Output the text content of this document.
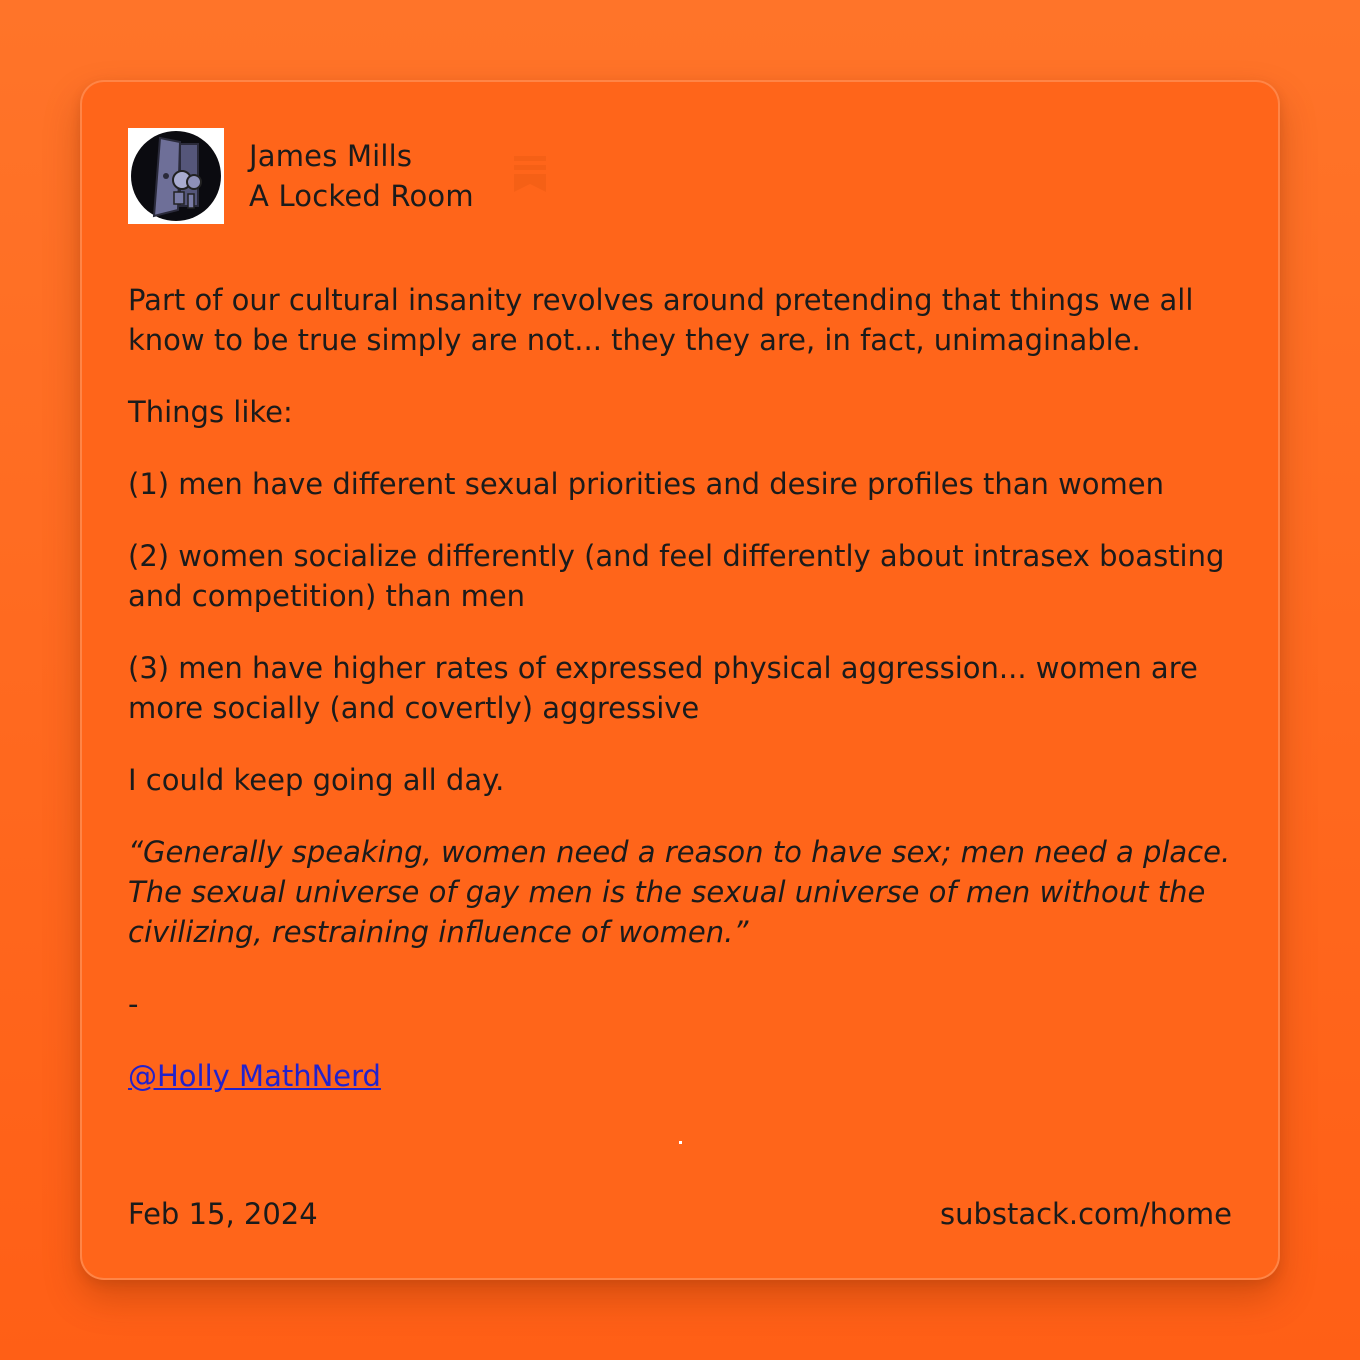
James Mills
A Locked Room

Part of our cultural insanity revolves around pretending that things we all know to be true simply are not... they they are, in fact, unimaginable.

Things like:

(1) men have different sexual priorities and desire profiles than women

(2) women socialize differently (and feel differently about intrasex boasting and competition) than men

(3) men have higher rates of expressed physical aggression... women are more socially (and covertly) aggressive

I could keep going all day.

“Generally speaking, women need a reason to have sex; men need a place. The sexual universe of gay men is the sexual universe of men without the civilizing, restraining influence of women.”

-

@Holly MathNerd

Feb 15, 2024	substack.com/home
